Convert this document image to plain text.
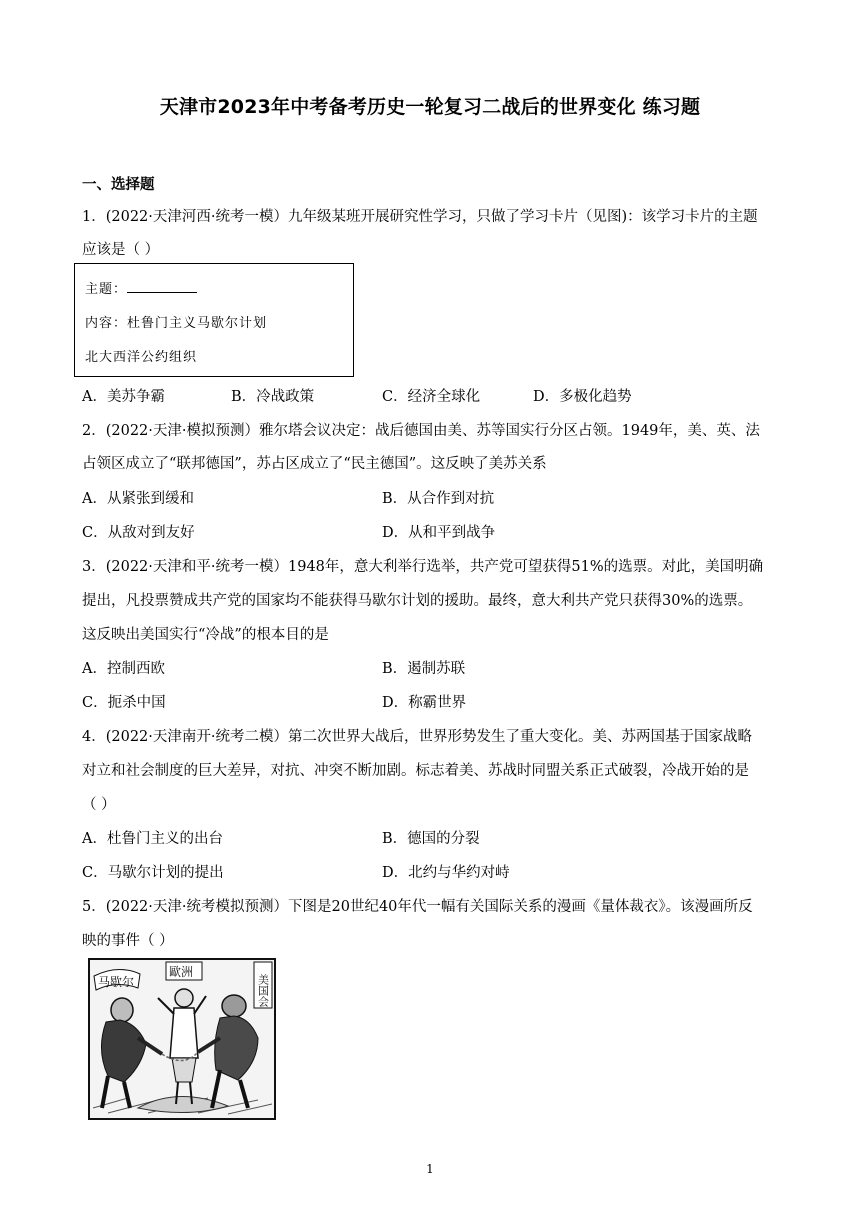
天津市2023年中考备考历史一轮复习二战后的世界变化 练习题
一、选择题
1．(2022·天津河西·统考一模）九年级某班开展研究性学习，只做了学习卡片（见图)：该学习卡片的主题
应该是（ ）
主题：
内容：杜鲁门主义马歇尔计划
北大西洋公约组织
A．美苏争霸	B．冷战政策	C．经济全球化	D．多极化趋势
2．(2022·天津·模拟预测）雅尔塔会议决定：战后德国由美、苏等国实行分区占领。1949年，美、英、法
占领区成立了“联邦德国”，苏占区成立了“民主德国”。这反映了美苏关系
A．从紧张到缓和	B．从合作到对抗
C．从敌对到友好	D．从和平到战争
3．(2022·天津和平·统考一模）1948年，意大利举行选举，共产党可望获得51%的选票。对此，美国明确
提出，凡投票赞成共产党的国家均不能获得马歇尔计划的援助。最终，意大利共产党只获得30%的选票。
这反映出美国实行“冷战”的根本目的是
A．控制西欧	B．遏制苏联
C．扼杀中国	D．称霸世界
4．(2022·天津南开·统考二模）第二次世界大战后，世界形势发生了重大变化。美、苏两国基于国家战略
对立和社会制度的巨大差异，对抗、冲突不断加剧。标志着美、苏战时同盟关系正式破裂，冷战开始的是
（ ）
A．杜鲁门主义的出台	B．德国的分裂
C．马歇尔计划的提出	D．北约与华约对峙
5．(2022·天津·统考模拟预测）下图是20世纪40年代一幅有关国际关系的漫画《量体裁衣》。该漫画所反
映的事件（ ）
马歇尔
歐洲
美国会
1
